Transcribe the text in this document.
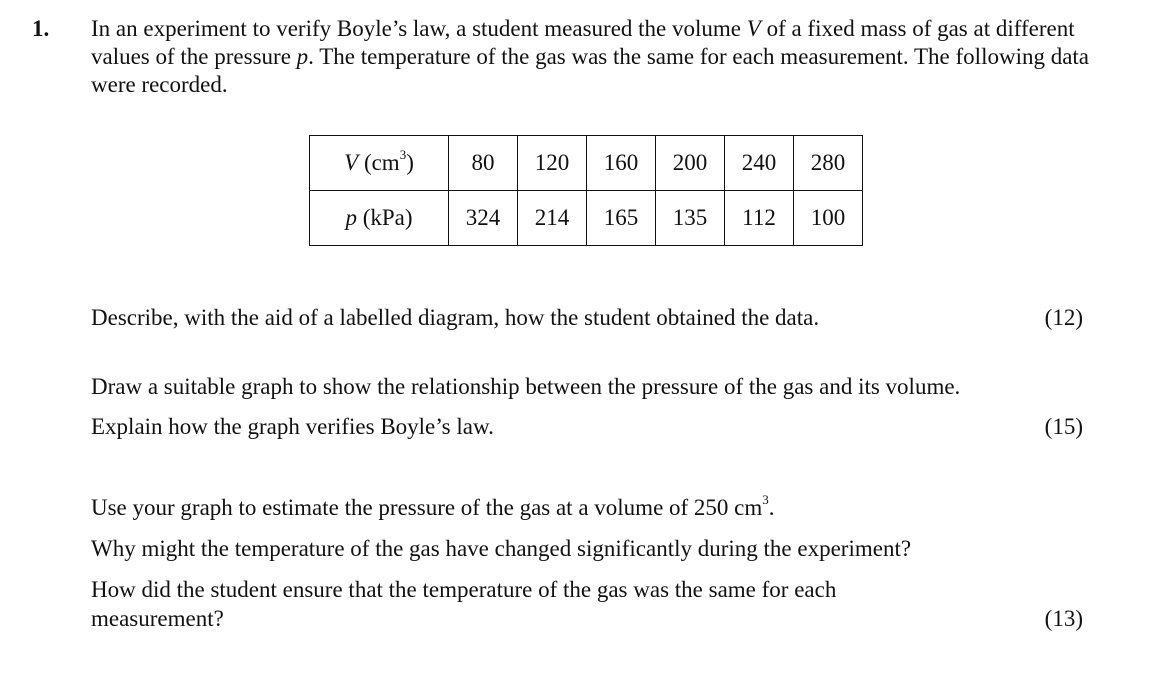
1. In an experiment to verify Boyle’s law, a student measured the volume V of a fixed mass of gas at different values of the pressure p. The temperature of the gas was the same for each measurement. The following data were recorded.

V $(cm^3)$	80	120	160	200	240	280
p (kPa)	324	214	165	135	112	100
Describe, with the aid of a labelled diagram, how the student obtained the data.	(12)
Draw a suitable graph to show the relationship between the pressure of the gas and its volume.
Explain how the graph verifies Boyle’s law.	(15)
Use your graph to estimate the pressure of the gas at a volume of 250 $cm^3$.
Why might the temperature of the gas have changed significantly during the experiment?
How did the student ensure that the temperature of the gas was the same for each
measurement?	(13)
